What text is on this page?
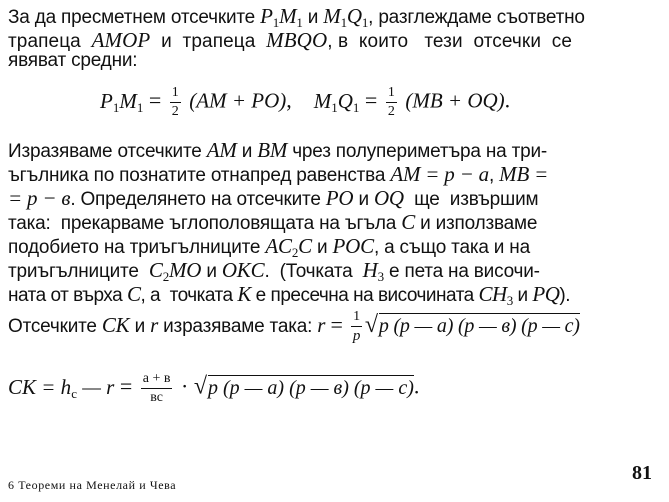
За да пресметнем отсечките $P_1M_1$ и $M_1Q_1$, разглеждаме съответно
трапеца  AMOP  и  трапеца  MBQO, в  които   тези  отсечки  се
явяват средни:
$P_1M_1 = \frac{1}{2} (AM + PO)$,    $M_1Q_1 = \frac{1}{2} (MB + OQ)$.
Изразяваме отсечките AM и BM чрез полупериметъра на три-
ъгълника по познатите отнапред равенства AM = p − a, MB =
= p − в. Определянето на отсечките PO и OQ  ще  извършим
така:  прекарваме ъглополовящата на ъгъла C и използваме
подобието на триъгълниците $AC_2C$ и POC, а също така и на
триъгълниците  $C_2MO$ и OKC.  (Точката  $H_3$ е пета на височи-
ната от върха C, а  точката K е пресечна на височината $CH_3$ и PQ).
Отсечките CK и r изразяваме така: $r = \frac{1}{p} √p$ (p — a) (p — в) (p — c)
CK = $h_c$ — $r = \frac{a + в}{вс} \cdot √p$ (p — a) (p — в) (p — c).
6 Теореми на Менелай и Чева
81
